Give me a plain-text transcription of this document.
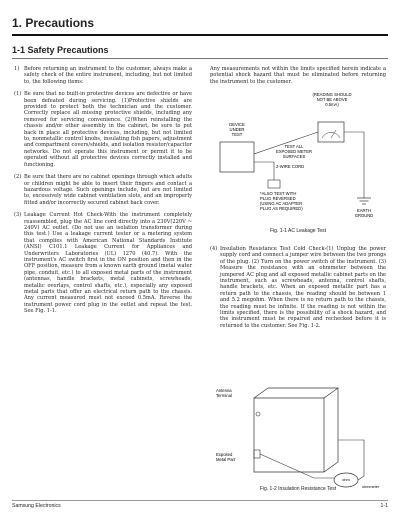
1. Precautions
1-1 Safety Precautions

1) Before returning an instrument to the customer, always make a safety check of the entire instrument, including, but not limited to, the following items:

(1) Be sure that no built-in protective devices are defective or have been defeated during servicing. (1)Protective shields are provided to protect both the technician and the customer. Correctly replace all missing protective shields, including any removed for servicing convenience. (2)When reinstalling the chassis and/or other assembly in the cabinet, be sure to put back in place all protective devices, including, but not limited to, nonmetallic control knobs, insulating fish papers, adjustment and compartment covers/shields, and isolation resistor/capacitor networks. Do not operate this instrument or permit it to be operated without all protective devices correctly installed and functioning.

(2) Be sure that there are no cabinet openings through which adults or children might be able to insert their fingers and contact a hazardous voltage. Such openings include, but are not limited to, excessively wide cabinet ventilation slots, and an improperly fitted and/or incorrectly secured cabinet back cover.

(3) Leakage Current Hot Check-With the instrument completely reassembled, plug the AC line cord directly into a 230V(220V ~ 240V) AC outlet. (Do not use an isolation transformer during this test.) Use a leakage current tester or a metering system that complies with American National Standards Institute (ANSI) C101.1 Leakage Current for Appliances and Underwriters Laboratories (UL) 1270 (40.7). With the instrument's AC switch first in the ON position and then in the OFF position, measure from a known earth ground (metal water pipe, conduit, etc.) to all exposed metal parts of the instrument (antennas, handle brackets, metal cabinets, screwheads, metallic overlays, control shafts, etc.), especially any exposed metal parts that offer an electrical return path to the chassis. Any current measured must not exceed 0.5mA. Reverse the instrument power cord plug in the outlet and repeat the test. See Fig. 1-1.

Any measurements not within the limits specified herein indicate a potential shock hazard that must be eliminated before returning the instrument to the customer.
(READING SHOULD NOT BE ABOVE 0.5mA)
DEVICE UNDER TEST
TEST ALL EXPOSED METER SURFACES
2-WIRE CORD
*ALSO TEST WITH PLUG REVERSED (USING AC ADAPTER PLUG AS REQUIRED)	EARTH GROUND
Fig. 1-1 AC Leakage Test

(4) Insulation Resistance Test Cold Check-(1) Unplug the power supply cord and connect a jumper wire between the two prongs of the plug. (2) Turn on the power switch of the instrument. (3) Measure the resistance with an ohmmeter between the jumpered AC plug and all exposed metallic cabinet parts on the instrument, such as screwheads, antenna, control shafts, handle brackets, etc. When an exposed metallic part has a return path to the chassis, the reading should be between 1 and 5.2 megohm. When there is no return path to the chassis, the reading must be infinite. If the reading is not within the limits specified, there is the possibility of a shock hazard, and the instrument must be repaired and rechecked before it is returned to the customer. See Fig. 1-2.

Antenna Terminal
Exposed Metal Part
ohm
ohmmeter
Fig. 1-2 Insulation Resistance Test
Samsung Electronics	1-1
